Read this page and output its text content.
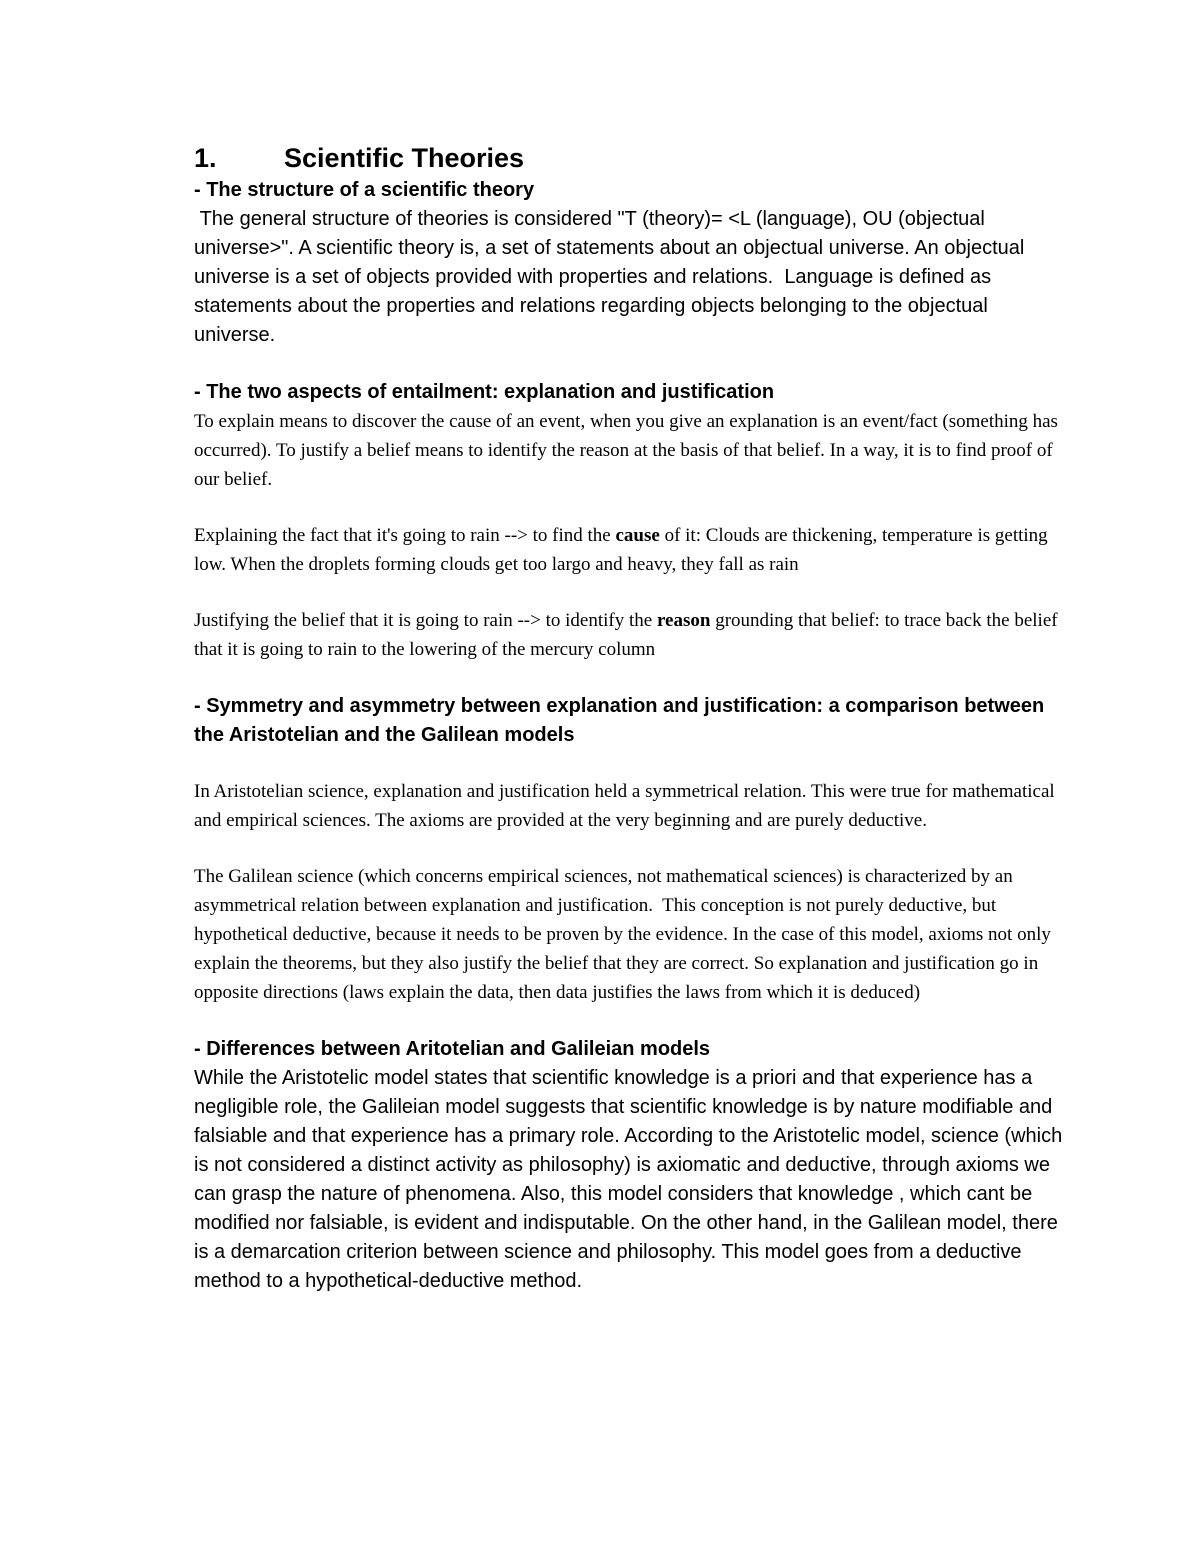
1.	Scientific Theories
- The structure of a scientific theory

The general structure of theories is considered "T (theory)= <L (language), OU (objectual universe>". A scientific theory is, a set of statements about an objectual universe. An objectual universe is a set of objects provided with properties and relations.  Language is defined as statements about the properties and relations regarding objects belonging to the objectual universe.

- The two aspects of entailment: explanation and justification

To explain means to discover the cause of an event, when you give an explanation is an event/fact (something has occurred). To justify a belief means to identify the reason at the basis of that belief. In a way, it is to find proof of our belief.

Explaining the fact that it's going to rain --> to find the cause of it: Clouds are thickening, temperature is getting low. When the droplets forming clouds get too largo and heavy, they fall as rain

Justifying the belief that it is going to rain --> to identify the reason grounding that belief: to trace back the belief that it is going to rain to the lowering of the mercury column

- Symmetry and asymmetry between explanation and justification: a comparison between the Aristotelian and the Galilean models

In Aristotelian science, explanation and justification held a symmetrical relation. This were true for mathematical and empirical sciences. The axioms are provided at the very beginning and are purely deductive.

The Galilean science (which concerns empirical sciences, not mathematical sciences) is characterized by an asymmetrical relation between explanation and justification.  This conception is not purely deductive, but hypothetical deductive, because it needs to be proven by the evidence. In the case of this model, axioms not only explain the theorems, but they also justify the belief that they are correct. So explanation and justification go in opposite directions (laws explain the data, then data justifies the laws from which it is deduced)

- Differences between Aritotelian and Galileian models

While the Aristotelic model states that scientific knowledge is a priori and that experience has a negligible role, the Galileian model suggests that scientific knowledge is by nature modifiable and falsiable and that experience has a primary role. According to the Aristotelic model, science (which is not considered a distinct activity as philosophy) is axiomatic and deductive, through axioms we can grasp the nature of phenomena. Also, this model considers that knowledge , which cant be modified nor falsiable, is evident and indisputable. On the other hand, in the Galilean model, there is a demarcation criterion between science and philosophy. This model goes from a deductive method to a hypothetical-deductive method.
